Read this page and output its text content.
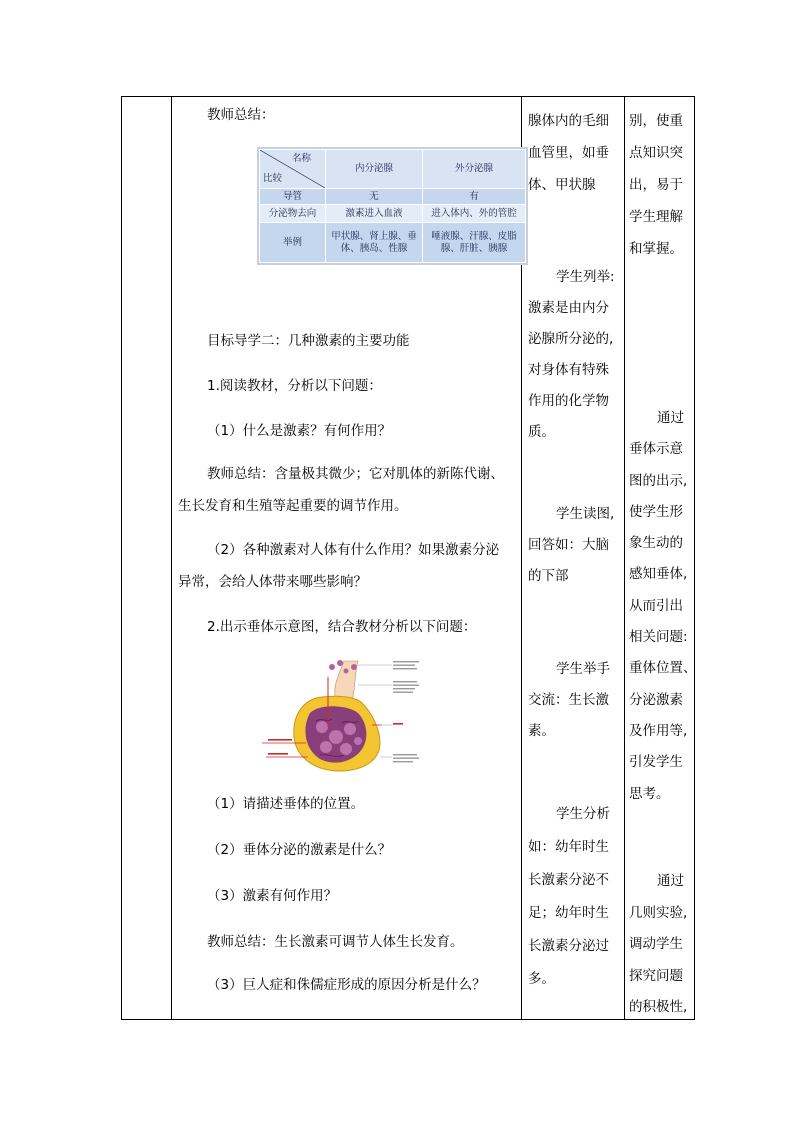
教师总结：
名称
比较	内分泌腺	外分泌腺
导管	无	有
分泌物去向	激素进入血液	进入体内、外的管腔
举例	甲状腺、肾上腺、垂体、胰岛、性腺	唾液腺、汗腺、皮脂腺、肝脏、胰腺
目标导学二：几种激素的主要功能
1.阅读教材，分析以下问题：
（1）什么是激素？有何作用？
教师总结：含量极其微少；它对肌体的新陈代谢、
生长发育和生殖等起重要的调节作用。
（2）各种激素对人体有什么作用？如果激素分泌
异常，会给人体带来哪些影响？
2.出示垂体示意图，结合教材分析以下问题：
（1）请描述垂体的位置。
（2）垂体分泌的激素是什么？
（3）激素有何作用？
教师总结：生长激素可调节人体生长发育。
（3）巨人症和侏儒症形成的原因分析是什么？
腺体内的毛细
血管里，如垂
体、甲状腺
学生列举:
激素是由内分
泌腺所分泌的,
对身体有特殊
作用的化学物
质。
学生读图,
回答如：大脑
的下部
学生举手
交流：生长激
素。
学生分析
如：幼年时生
长激素分泌不
足；幼年时生
长激素分泌过
多。
别，使重
点知识突
出，易于
学生理解
和掌握。
通过
垂体示意
图的出示,
使学生形
象生动的
感知垂体,
从而引出
相关问题:
重体位置、
分泌激素
及作用等,
引发学生
思考。
通过
几则实验,
调动学生
探究问题
的积极性,
